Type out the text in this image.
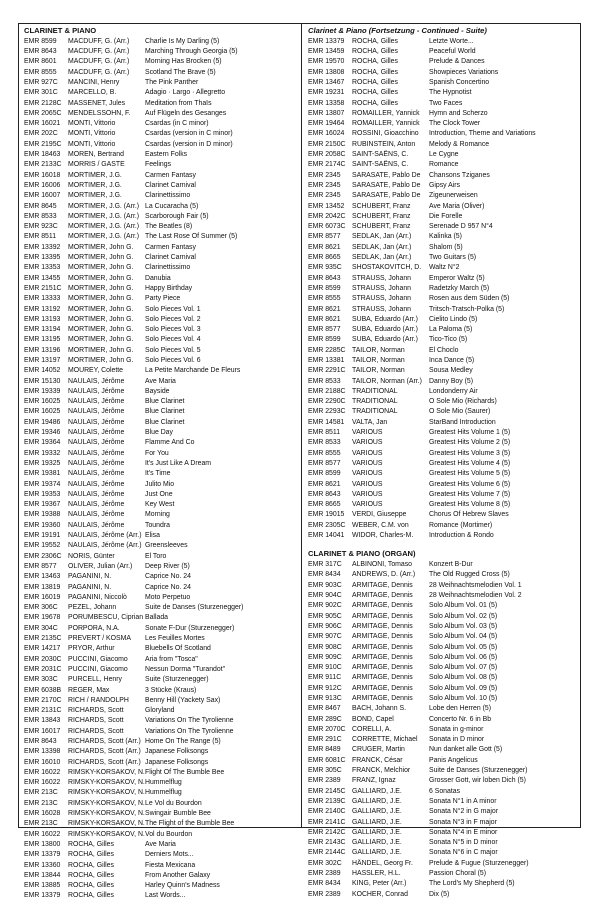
CLARINET & PIANO
EMR 8599	MACDUFF, G. (Arr.)	Charlie Is My Darling (5)
EMR 8643	MACDUFF, G. (Arr.)	Marching Through Georgia (5)
EMR 8601	MACDUFF, G. (Arr.)	Morning Has Brocken (5)
EMR 8555	MACDUFF, G. (Arr.)	Scotland The Brave (5)
EMR 927C	MANCINI, Henry	The Pink Panther
EMR 301C	MARCELLO, B.	Adagio · Largo · Allegretto
EMR 2128C MASSENET, Jules	Meditation from Thaïs
EMR 2065C MENDELSSOHN, F.	Auf Flügeln des Gesanges
EMR 16021	MONTI, Vittorio	Csardas (in C minor)
EMR 202C	MONTI, Vittorio	Csardas (version in C minor)
EMR 2195C MONTI, Vittorio	Csardas (version in D minor)
EMR 18463	MOREN, Bertrand	Eastern Folks
EMR 2133C MORRIS / GASTE	Feelings
EMR 16018	MORTIMER, J.G.	Carmen Fantasy
EMR 16006	MORTIMER, J.G.	Clarinet Carnival
EMR 16007	MORTIMER, J.G.	Clarinettissimo
EMR 8645	MORTIMER, J.G. (Arr.) La Cucaracha (5)
EMR 8533	MORTIMER, J.G. (Arr.) Scarborough Fair (5)
EMR 923C	MORTIMER, J.G. (Arr.) The Beatles (8)
EMR 8511	MORTIMER, J.G. (Arr.) The Last Rose Of Summer (5)
EMR 13392	MORTIMER, John G.	Carmen Fantasy
EMR 13395	MORTIMER, John G.	Clarinet Carnival
EMR 13353	MORTIMER, John G.	Clarinettissimo
EMR 13455	MORTIMER, John G.	Danubia
EMR 2151C MORTIMER, John G.	Happy Birthday
EMR 13333	MORTIMER, John G.	Party Piece
EMR 13192	MORTIMER, John G.	Solo Pieces Vol. 1
EMR 13193	MORTIMER, John G.	Solo Pieces Vol. 2
EMR 13194	MORTIMER, John G.	Solo Pieces Vol. 3
EMR 13195	MORTIMER, John G.	Solo Pieces Vol. 4
EMR 13196	MORTIMER, John G.	Solo Pieces Vol. 5
EMR 13197	MORTIMER, John G.	Solo Pieces Vol. 6
EMR 14052	MOUREY, Colette	La Petite Marchande De Fleurs
EMR 15130	NAULAIS, Jérôme	Ave Maria
EMR 19339	NAULAIS, Jérôme	Bayside
EMR 16025	NAULAIS, Jérôme	Blue Clarinet
EMR 16025	NAULAIS, Jérôme	Blue Clarinet
EMR 19486	NAULAIS, Jérôme	Blue Clarinet
EMR 19346	NAULAIS, Jérôme	Blue Day
EMR 19364	NAULAIS, Jérôme	Flamme And Co
EMR 19332	NAULAIS, Jérôme	For You
EMR 19325	NAULAIS, Jérôme	It's Just Like A Dream
EMR 19381	NAULAIS, Jérôme	It's Time
EMR 19374	NAULAIS, Jérôme	Julito Mio
EMR 19353	NAULAIS, Jérôme	Just One
EMR 19367	NAULAIS, Jérôme	Key West
EMR 19388	NAULAIS, Jérôme	Morning
EMR 19360	NAULAIS, Jérôme	Toundra
EMR 19191	NAULAIS, Jérôme (Arr.) Elisa
EMR 19552	NAULAIS, Jérôme (Arr.) Greensleeves
EMR 2306C NORIS, Günter	El Toro
EMR 8577	OLIVER, Julian (Arr.)	Deep River (5)
EMR 13463	PAGANINI, N.	Caprice No. 24
EMR 13819	PAGANINI, N.	Caprice No. 24
EMR 16019	PAGANINI, Niccolò	Moto Perpetuo
EMR 306C	PEZEL, Johann	Suite de Danses (Sturzenegger)
EMR 19678	PORUMBESCU, Ciprian Ballada
EMR 304C	PORPORA, N.A.	Sonate F-Dur (Sturzenegger)
EMR 2135C PREVERT / KOSMA	Les Feuilles Mortes
EMR 14217	PRYOR, Arthur	Bluebells Of Scotland
EMR 2030C PUCCINI, Giacomo	Aria from "Tosca"
EMR 2031C PUCCINI, Giacomo	Nessun Dorma "Turandot"
EMR 303C	PURCELL, Henry	Suite (Sturzenegger)
EMR 6038B REGER, Max	3 Stücke (Kraus)
EMR 2170C RICH / RANDOLPH	Benny Hill (Yackety Sax)
EMR 2131C RICHARDS, Scott	Gloryland
EMR 13843	RICHARDS, Scott	Variations On The Tyrolienne
EMR 16017	RICHARDS, Scott	Variations On The Tyrolienne
EMR 8643	RICHARDS, Scott (Arr.) Home On The Range (5)
EMR 13398	RICHARDS, Scott (Arr.) Japanese Folksongs
EMR 16010	RICHARDS, Scott (Arr.) Japanese Folksongs
EMR 16022	RIMSKY-KORSAKOV, N. Flight Of The Bumble Bee
EMR 16022	RIMSKY-KORSAKOV, N. Hummelflug
EMR 213C	RIMSKY-KORSAKOV, N. Hummelflug
EMR 213C	RIMSKY-KORSAKOV, N. Le Vol du Bourdon
EMR 16028	RIMSKY-KORSAKOV, N. Swingair Bumble Bee
EMR 213C	RIMSKY-KORSAKOV, N. The Flight of the Bumble Bee
EMR 16022	RIMSKY-KORSAKOV, N. Vol du Bourdon
EMR 13800	ROCHA, Gilles	Ave Maria
EMR 13379	ROCHA, Gilles	Derniers Mots...
EMR 13360	ROCHA, Gilles	Fiesta Mexicana
EMR 13844	ROCHA, Gilles	From Another Galaxy
EMR 13885	ROCHA, Gilles	Harley Quinn's Madness
EMR 13379	ROCHA, Gilles	Last Words...
Clarinet & Piano (Fortsetzung - Continued - Suite)
EMR 13379	ROCHA, Gilles	Letzte Worte...
EMR 13459	ROCHA, Gilles	Peaceful World
EMR 19570	ROCHA, Gilles	Prelude & Dances
EMR 13808	ROCHA, Gilles	Showpieces Variations
EMR 13467	ROCHA, Gilles	Spanish Concertino
EMR 19231	ROCHA, Gilles	The Hypnotist
EMR 13358	ROCHA, Gilles	Two Faces
EMR 13807	ROMAILLER, Yannick	Hymn and Scherzo
EMR 19464	ROMAILLER, Yannick	The Clock Tower
EMR 16024	ROSSINI, Gioacchino	Introduction, Theme and Variations
EMR 2150C RUBINSTEIN, Anton	Melody & Romance
EMR 2058C SAINT-SAËNS, C.	Le Cygne
EMR 2174C SAINT-SAËNS, C.	Romance
EMR 2345	SARASATE, Pablo De	Chansons Tziganes
EMR 2345	SARASATE, Pablo De	Gipsy Airs
EMR 2345	SARASATE, Pablo De	Zigeunerweisen
EMR 13452	SCHUBERT, Franz	Ave Maria (Oliver)
EMR 2042C SCHUBERT, Franz	Die Forelle
EMR 6073C SCHUBERT, Franz	Serenade D 957 N°4
EMR 8577	SEDLAK, Jan (Arr.)	Kalinka (5)
EMR 8621	SEDLAK, Jan (Arr.)	Shalom (5)
EMR 8665	SEDLAK, Jan (Arr.)	Two Guitars (5)
EMR 935C	SHOSTAKOVITCH, D.	Waltz N°2
EMR 8643	STRAUSS, Johann	Emperor Waltz (5)
EMR 8599	STRAUSS, Johann	Radetzky March (5)
EMR 8555	STRAUSS, Johann	Rosen aus dem Süden (5)
EMR 8621	STRAUSS, Johann	Tritsch-Tratsch-Polka (5)
EMR 8621	SUBA, Eduardo (Arr.)	Cielito Lindo (5)
EMR 8577	SUBA, Eduardo (Arr.)	La Paloma (5)
EMR 8599	SUBA, Eduardo (Arr.)	Tico-Tico (5)
EMR 2285C TAILOR, Norman	El Choclo
EMR 13381	TAILOR, Norman	Inca Dance (5)
EMR 2291C TAILOR, Norman	Sousa Medley
EMR 8533	TAILOR, Norman (Arr.)	Danny Boy (5)
EMR 2188C TRADITIONAL	Londonderry Air
EMR 2290C TRADITIONAL	O Sole Mio (Richards)
EMR 2293C TRADITIONAL	O Sole Mio (Saurer)
EMR 14581	VALTA, Jan	StarBand Introduction
EMR 8511	VARIOUS	Greatest Hits Volume 1 (5)
EMR 8533	VARIOUS	Greatest Hits Volume 2 (5)
EMR 8555	VARIOUS	Greatest Hits Volume 3 (5)
EMR 8577	VARIOUS	Greatest Hits Volume 4 (5)
EMR 8599	VARIOUS	Greatest Hits Volume 5 (5)
EMR 8621	VARIOUS	Greatest Hits Volume 6 (5)
EMR 8643	VARIOUS	Greatest Hits Volume 7 (5)
EMR 8665	VARIOUS	Greatest Hits Volume 8 (5)
EMR 19015	VERDI, Giuseppe	Chorus Of Hebrew Slaves
EMR 2305C WEBER, C.M. von	Romance (Mortimer)
EMR 14041	WIDOR, Charles-M.	Introduction & Rondo
CLARINET & PIANO (ORGAN)
EMR 317C	ALBINONI, Tomaso	Konzert B-Dur
EMR 8434	ANDREWS, D. (Arr.)	The Old Rugged Cross (5)
EMR 903C	ARMITAGE, Dennis	28 Weihnachtsmelodien Vol. 1
EMR 904C	ARMITAGE, Dennis	28 Weihnachtsmelodien Vol. 2
EMR 902C	ARMITAGE, Dennis	Solo Album Vol. 01 (5)
EMR 905C	ARMITAGE, Dennis	Solo Album Vol. 02 (5)
EMR 906C	ARMITAGE, Dennis	Solo Album Vol. 03 (5)
EMR 907C	ARMITAGE, Dennis	Solo Album Vol. 04 (5)
EMR 908C	ARMITAGE, Dennis	Solo Album Vol. 05 (5)
EMR 909C	ARMITAGE, Dennis	Solo Album Vol. 06 (5)
EMR 910C	ARMITAGE, Dennis	Solo Album Vol. 07 (5)
EMR 911C	ARMITAGE, Dennis	Solo Album Vol. 08 (5)
EMR 912C	ARMITAGE, Dennis	Solo Album Vol. 09 (5)
EMR 913C	ARMITAGE, Dennis	Solo Album Vol. 10 (5)
EMR 8467	BACH, Johann S.	Lobe den Herren (5)
EMR 289C	BOND, Capel	Concerto Nr. 6 in Bb
EMR 2070C CORELLI, A.	Sonata in g-minor
EMR 291C	CORRETTE, Michael	Sonata in D minor
EMR 8489	CRUGER, Martin	Nun danket alle Gott (5)
EMR 6081C FRANCK, César	Panis Angelicus
EMR 305C	FRANCK, Melchior	Suite de Danses (Sturzenegger)
EMR 2389	FRANZ, Ignaz	Grosser Gott, wir loben Dich (5)
EMR 2145C GALLIARD, J.E.	6 Sonatas
EMR 2139C GALLIARD, J.E.	Sonata N°1 in A minor
EMR 2140C GALLIARD, J.E.	Sonata N°2 in G major
EMR 2141C GALLIARD, J.E.	Sonata N°3 in F major
EMR 2142C GALLIARD, J.E.	Sonata N°4 in E minor
EMR 2143C GALLIARD, J.E.	Sonata N°5 in D minor
EMR 2144C GALLIARD, J.E.	Sonata N°6 in C major
EMR 302C	HÄNDEL, Georg Fr.	Prelude & Fugue (Sturzenegger)
EMR 2389	HASSLER, H.L.	Passion Choral (5)
EMR 8434	KING, Peter (Arr.)	The Lord's My Shepherd (5)
EMR 2389	KOCHER, Conrad	Dix (5)
